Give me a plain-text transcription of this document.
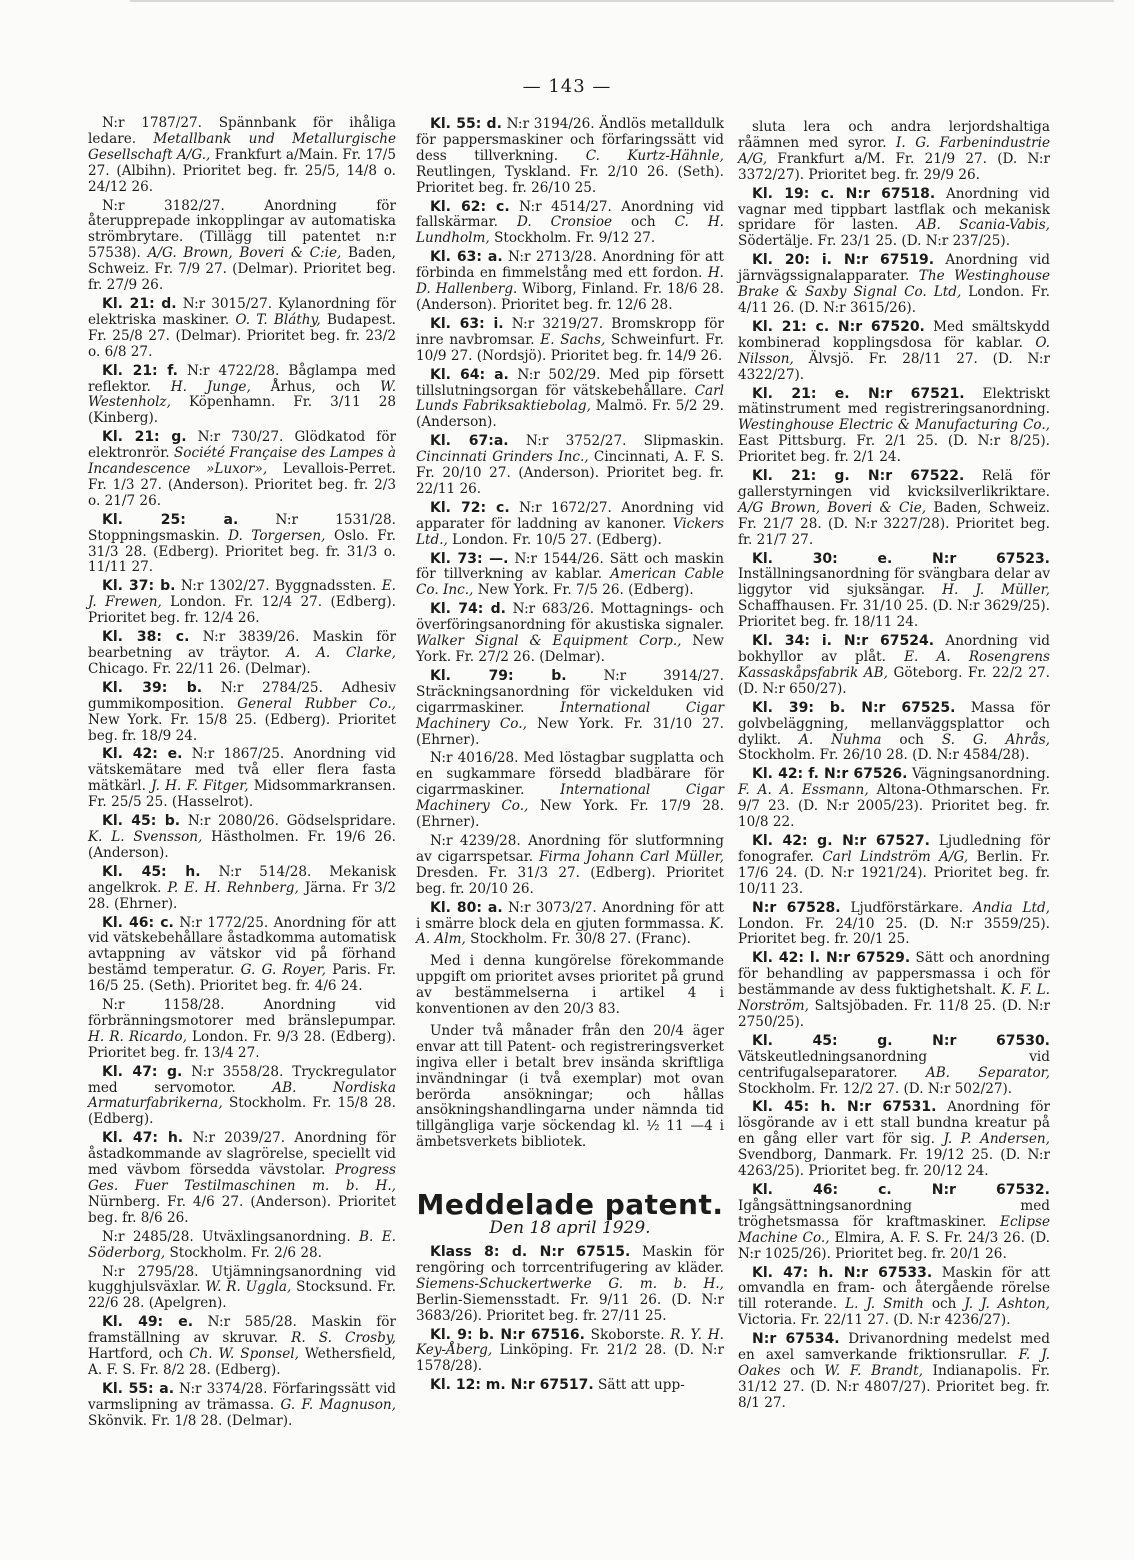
— 143 —

N:r 1787/27. Spännbank för ihåliga ledare. Metallbank und Metallurgische Gesellschaft A/G., Frankfurt a/Main. Fr. 17/5 27. (Albihn). Prioritet beg. fr. 25/5, 14/8 o. 24/12 26.

N:r 3182/27. Anordning för återupprepade inkopplingar av automatiska strömbrytare. (Tillägg till patentet n:r 57538). A/G. Brown, Boveri & C:ie, Baden, Schweiz. Fr. 7/9 27. (Delmar). Prioritet beg. fr. 27/9 26.

Kl. 21: d. N:r 3015/27. Kylanordning för elektriska maskiner. O. T. Bláthy, Budapest. Fr. 25/8 27. (Delmar). Prioritet beg. fr. 23/2 o. 6/8 27.

Kl. 21: f. N:r 4722/28. Båglampa med reflektor. H. Junge, Århus, och W. Westenholz, Köpenhamn. Fr. 3/11 28 (Kinberg).

Kl. 21: g. N:r 730/27. Glödkatod för elektronrör. Société Française des Lampes à Incandescence »Luxor», Levallois-Perret. Fr. 1/3 27. (Anderson). Prioritet beg. fr. 2/3 o. 21/7 26.

Kl. 25: a. N:r 1531/28. Stoppningsmaskin. D. Torgersen, Oslo. Fr. 31/3 28. (Edberg). Prioritet beg. fr. 31/3 o. 11/11 27.

Kl. 37: b. N:r 1302/27. Byggnadssten. E. J. Frewen, London. Fr. 12/4 27. (Edberg). Prioritet beg. fr. 12/4 26.

Kl. 38: c. N:r 3839/26. Maskin för bearbetning av träytor. A. A. Clarke, Chicago. Fr. 22/11 26. (Delmar).

Kl. 39: b. N:r 2784/25. Adhesiv gummikomposition. General Rubber Co., New York. Fr. 15/8 25. (Edberg). Prioritet beg. fr. 18/9 24.

Kl. 42: e. N:r 1867/25. Anordning vid vätskemätare med två eller flera fasta mätkärl. J. H. F. Fitger, Midsommarkransen. Fr. 25/5 25. (Hasselrot).

Kl. 45: b. N:r 2080/26. Gödselspridare. K. L. Svensson, Hästholmen. Fr. 19/6 26. (Anderson).

Kl. 45: h. N:r 514/28. Mekanisk angelkrok. P. E. H. Rehnberg, Järna. Fr 3/2 28. (Ehrner).

Kl. 46: c. N:r 1772/25. Anordning för att vid vätskebehållare åstadkomma automatisk avtappning av vätskor vid på förhand bestämd temperatur. G. G. Royer, Paris. Fr. 16/5 25. (Seth). Prioritet beg. fr. 4/6 24.

N:r 1158/28. Anordning vid förbränningsmotorer med bränslepumpar. H. R. Ricardo, London. Fr. 9/3 28. (Edberg). Prioritet beg. fr. 13/4 27.

Kl. 47: g. N:r 3558/28. Tryckregulator med servomotor. AB. Nordiska Armaturfabrikerna, Stockholm. Fr. 15/8 28. (Edberg).

Kl. 47: h. N:r 2039/27. Anordning för åstadkommande av slagrörelse, speciellt vid med vävbom försedda vävstolar. Progress Ges. Fuer Testilmaschinen m. b. H., Nürnberg. Fr. 4/6 27. (Anderson). Prioritet beg. fr. 8/6 26.

N:r 2485/28. Utväxlingsanordning. B. E. Söderborg, Stockholm. Fr. 2/6 28.

N:r 2795/28. Utjämningsanordning vid kugghjulsväxlar. W. R. Uggla, Stocksund. Fr. 22/6 28. (Apelgren).

Kl. 49: e. N:r 585/28. Maskin för framställning av skruvar. R. S. Crosby, Hartford, och Ch. W. Sponsel, Wethersfield, A. F. S. Fr. 8/2 28. (Edberg).

Kl. 55: a. N:r 3374/28. Förfaringssätt vid varmslipning av trämassa. G. F. Magnuson, Skönvik. Fr. 1/8 28. (Delmar).

Kl. 55: d. N:r 3194/26. Ändlös metalldulk för pappersmaskiner och förfaringssätt vid dess tillverkning. C. Kurtz-Hähnle, Reutlingen, Tyskland. Fr. 2/10 26. (Seth). Prioritet beg. fr. 26/10 25.

Kl. 62: c. N:r 4514/27. Anordning vid fallskärmar. D. Cronsioe och C. H. Lundholm, Stockholm. Fr. 9/12 27.

Kl. 63: a. N:r 2713/28. Anordning för att förbinda en fimmelstång med ett fordon. H. D. Hallenberg. Wiborg, Finland. Fr. 18/6 28. (Anderson). Prioritet beg. fr. 12/6 28.

Kl. 63: i. N:r 3219/27. Bromskropp för inre navbromsar. E. Sachs, Schweinfurt. Fr. 10/9 27. (Nordsjö). Prioritet beg. fr. 14/9 26.

Kl. 64: a. N:r 502/29. Med pip försett tillslutningsorgan för vätskebehållare. Carl Lunds Fabriksaktiebolag, Malmö. Fr. 5/2 29. (Anderson).

Kl. 67:a. N:r 3752/27. Slipmaskin. Cincinnati Grinders Inc., Cincinnati, A. F. S. Fr. 20/10 27. (Anderson). Prioritet beg. fr. 22/11 26.

Kl. 72: c. N:r 1672/27. Anordning vid apparater för laddning av kanoner. Vickers Ltd., London. Fr. 10/5 27. (Edberg).

Kl. 73: —. N:r 1544/26. Sätt och maskin för tillverkning av kablar. American Cable Co. Inc., New York. Fr. 7/5 26. (Edberg).

Kl. 74: d. N:r 683/26. Mottagnings- och överföringsanordning för akustiska signaler. Walker Signal & Equipment Corp., New York. Fr. 27/2 26. (Delmar).

Kl. 79: b. N:r 3914/27. Sträckningsanordning för vickelduken vid cigarrmaskiner. International Cigar Machinery Co., New York. Fr. 31/10 27. (Ehrner).

N:r 4016/28. Med löstagbar sugplatta och en sugkammare försedd bladbärare för cigarrmaskiner. International Cigar Machinery Co., New York. Fr. 17/9 28. (Ehrner).

N:r 4239/28. Anordning för slutformning av cigarrspetsar. Firma Johann Carl Müller, Dresden. Fr. 31/3 27. (Edberg). Prioritet beg. fr. 20/10 26.

Kl. 80: a. N:r 3073/27. Anordning för att i smärre block dela en gjuten formmassa. K. A. Alm, Stockholm. Fr. 30/8 27. (Franc).

Med i denna kungörelse förekommande uppgift om prioritet avses prioritet på grund av bestämmelserna i artikel 4 i konventionen av den 20/3 83.

Under två månader från den 20/4 äger envar att till Patent- och registreringsverket ingiva eller i betalt brev insända skriftliga invändningar (i två exemplar) mot ovan berörda ansökningar; och hållas ansökningshandlingarna under nämnda tid tillgängliga varje söckendag kl. ½ 11 —4 i ämbetsverkets bibliotek.

Meddelade patent.
Den 18 april 1929.

Klass 8: d. N:r 67515. Maskin för rengöring och torrcentrifugering av kläder. Siemens-Schuckertwerke G. m. b. H., Berlin-Siemensstadt. Fr. 9/11 26. (D. N:r 3683/26). Prioritet beg. fr. 27/11 25.

Kl. 9: b. N:r 67516. Skoborste. R. Y. H. Key-Åberg, Linköping. Fr. 21/2 28. (D. N:r 1578/28).

Kl. 12: m. N:r 67517. Sätt att upp-

sluta lera och andra lerjordshaltiga råämnen med syror. I. G. Farbenindustrie A/G, Frankfurt a/M. Fr. 21/9 27. (D. N:r 3372/27). Prioritet beg. fr. 29/9 26.

Kl. 19: c. N:r 67518. Anordning vid vagnar med tippbart lastflak och mekanisk spridare för lasten. AB. Scania-Vabis, Södertälje. Fr. 23/1 25. (D. N:r 237/25).

Kl. 20: i. N:r 67519. Anordning vid järnvägssignalapparater. The Westinghouse Brake & Saxby Signal Co. Ltd, London. Fr. 4/11 26. (D. N:r 3615/26).

Kl. 21: c. N:r 67520. Med smältskydd kombinerad kopplingsdosa för kablar. O. Nilsson, Älvsjö. Fr. 28/11 27. (D. N:r 4322/27).

Kl. 21: e. N:r 67521. Elektriskt mätinstrument med registreringsanordning. Westinghouse Electric & Manufacturing Co., East Pittsburg. Fr. 2/1 25. (D. N:r 8/25). Prioritet beg. fr. 2/1 24.

Kl. 21: g. N:r 67522. Relä för gallerstyrningen vid kvicksilverlikriktare. A/G Brown, Boveri & Cie, Baden, Schweiz. Fr. 21/7 28. (D. N:r 3227/28). Prioritet beg. fr. 21/7 27.

Kl. 30: e. N:r 67523. Inställningsanordning för svängbara delar av liggytor vid sjuksängar. H. J. Müller, Schaffhausen. Fr. 31/10 25. (D. N:r 3629/25). Prioritet beg. fr. 18/11 24.

Kl. 34: i. N:r 67524. Anordning vid bokhyllor av plåt. E. A. Rosengrens Kassaskåpsfabrik AB, Göteborg. Fr. 22/2 27. (D. N:r 650/27).

Kl. 39: b. N:r 67525. Massa för golvbeläggning, mellanväggsplattor och dylikt. A. Nuhma och S. G. Ahrås, Stockholm. Fr. 26/10 28. (D. N:r 4584/28).

Kl. 42: f. N:r 67526. Vägningsanordning. F. A. A. Essmann, Altona-Othmarschen. Fr. 9/7 23. (D. N:r 2005/23). Prioritet beg. fr. 10/8 22.

Kl. 42: g. N:r 67527. Ljudledning för fonografer. Carl Lindström A/G, Berlin. Fr. 17/6 24. (D. N:r 1921/24). Prioritet beg. fr. 10/11 23.

N:r 67528. Ljudförstärkare. Andia Ltd, London. Fr. 24/10 25. (D. N:r 3559/25). Prioritet beg. fr. 20/1 25.

Kl. 42: l. N:r 67529. Sätt och anordning för behandling av pappersmassa i och för bestämmande av dess fuktighetshalt. K. F. L. Norström, Saltsjöbaden. Fr. 11/8 25. (D. N:r 2750/25).

Kl. 45: g. N:r 67530. Vätskeutledningsanordning vid centrifugalseparatorer. AB. Separator, Stockholm. Fr. 12/2 27. (D. N:r 502/27).

Kl. 45: h. N:r 67531. Anordning för lösgörande av i ett stall bundna kreatur på en gång eller vart för sig. J. P. Andersen, Svendborg, Danmark. Fr. 19/12 25. (D. N:r 4263/25). Prioritet beg. fr. 20/12 24.

Kl. 46: c. N:r 67532. Igångsättningsanordning med tröghetsmassa för kraftmaskiner. Eclipse Machine Co., Elmira, A. F. S. Fr. 24/3 26. (D. N:r 1025/26). Prioritet beg. fr. 20/1 26.

Kl. 47: h. N:r 67533. Maskin för att omvandla en fram- och återgående rörelse till roterande. L. J. Smith och J. J. Ashton, Victoria. Fr. 22/11 27. (D. N:r 4236/27).

N:r 67534. Drivanordning medelst med en axel samverkande friktionsrullar. F. J. Oakes och W. F. Brandt, Indianapolis. Fr. 31/12 27. (D. N:r 4807/27). Prioritet beg. fr. 8/1 27.
